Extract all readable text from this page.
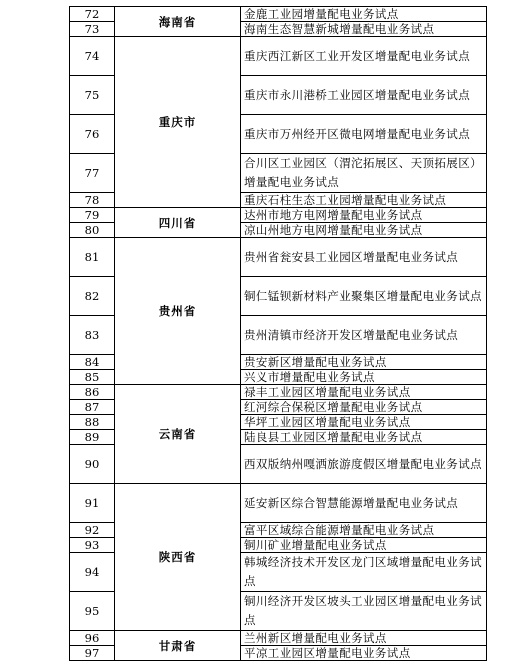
72	海南省	金鹿工业园增量配电业务试点
73		海南生态智慧新城增量配电业务试点
74	重庆市	重庆西江新区工业开发区增量配电业务试点
75		重庆市永川港桥工业园区增量配电业务试点
76		重庆市万州经开区微电网增量配电业务试点
77		合川区工业园区（渭沱拓展区、天顶拓展区）增量配电业务试点
78		重庆石柱生态工业园增量配电业务试点
79	四川省	达州市地方电网增量配电业务试点
80		凉山州地方电网增量配电业务试点
81	贵州省	贵州省瓮安县工业园区增量配电业务试点
82		铜仁锰钡新材料产业聚集区增量配电业务试点
83		贵州清镇市经济开发区增量配电业务试点
84		贵安新区增量配电业务试点
85		兴义市增量配电业务试点
86	云南省	禄丰工业园区增量配电业务试点
87		红河综合保税区增量配电业务试点
88		华坪工业园区增量配电业务试点
89		陆良县工业园区增量配电业务试点
90		西双版纳州嘎洒旅游度假区增量配电业务试点
91	陕西省	延安新区综合智慧能源增量配电业务试点
92		富平区域综合能源增量配电业务试点
93		铜川矿业增量配电业务试点
94		韩城经济技术开发区龙门区域增量配电业务试点
95		铜川经济开发区坡头工业园区增量配电业务试点
96	甘肃省	兰州新区增量配电业务试点
97		平凉工业园区增量配电业务试点
